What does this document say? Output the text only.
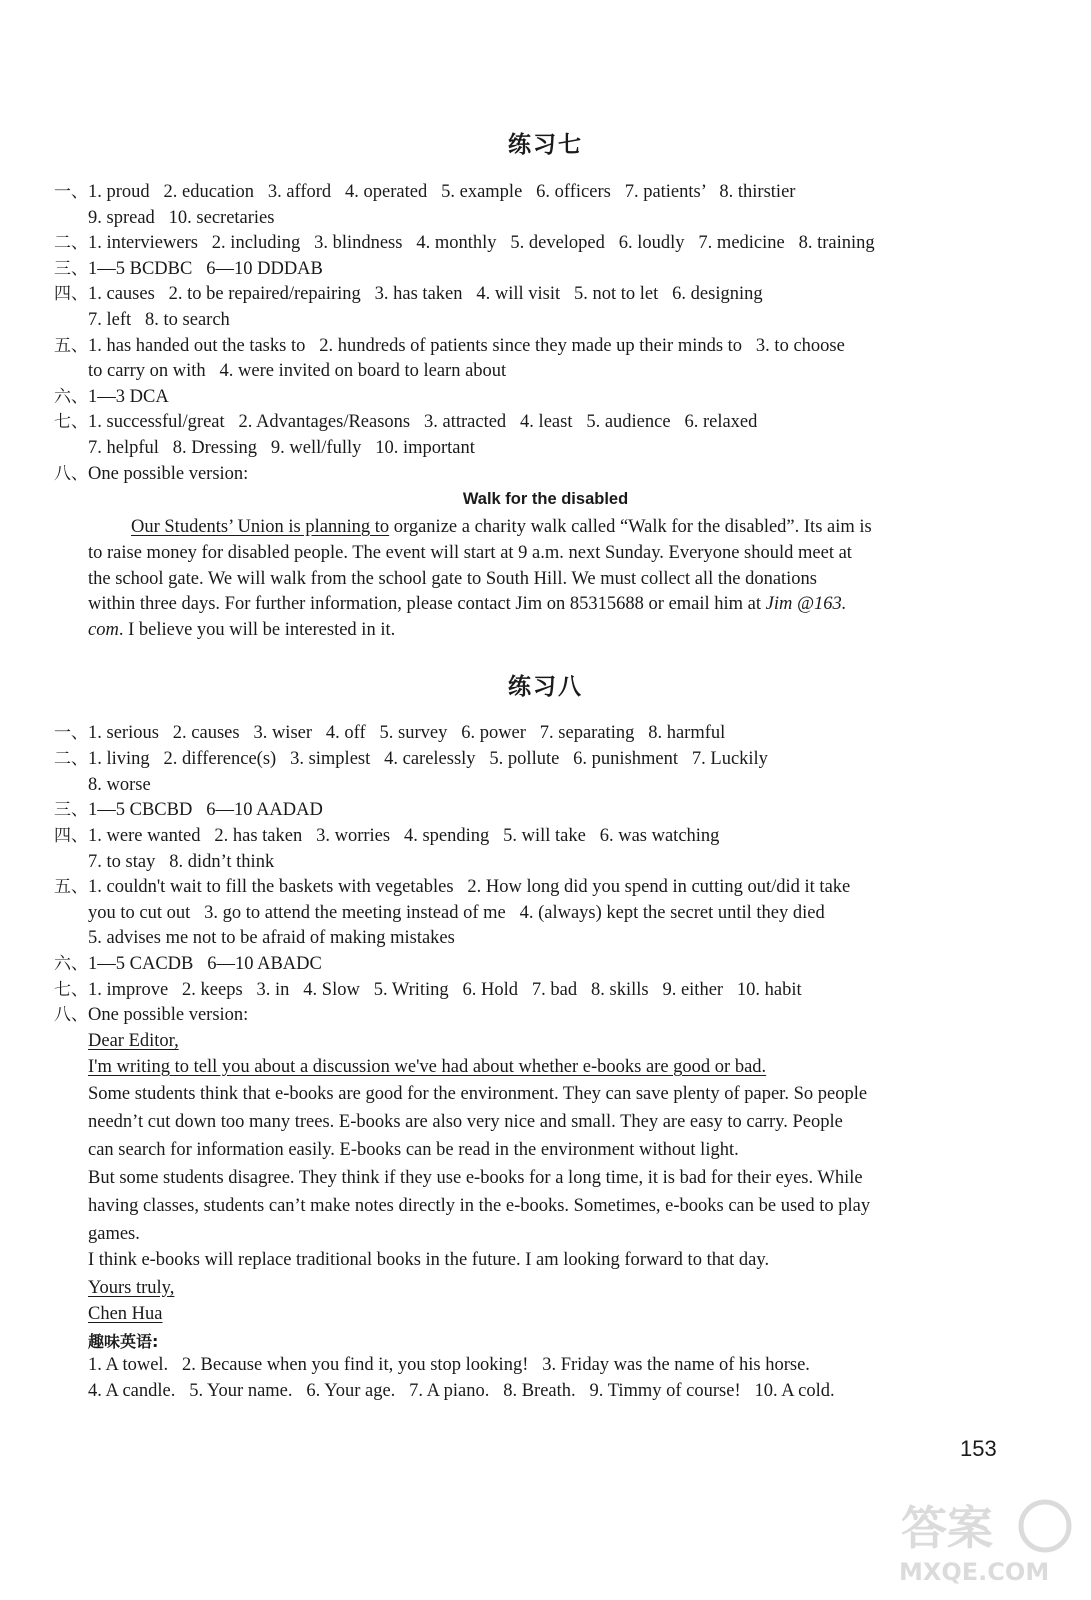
练习七
一、1. proud   2. education   3. afford   4. operated   5. example   6. officers   7. patients’   8. thirstier
9. spread   10. secretaries
二、1. interviewers   2. including   3. blindness   4. monthly   5. developed   6. loudly   7. medicine   8. training
三、1—5 BCDBC   6—10 DDDAB
四、1. causes   2. to be repaired/repairing   3. has taken   4. will visit   5. not to let   6. designing
7. left   8. to search
五、1. has handed out the tasks to   2. hundreds of patients since they made up their minds to   3. to choose
to carry on with   4. were invited on board to learn about
六、1—3 DCA
七、1. successful/great   2. Advantages/Reasons   3. attracted   4. least   5. audience   6. relaxed
7. helpful   8. Dressing   9. well/fully   10. important
八、One possible version:
Walk for the disabled
Our Students’ Union is planning to organize a charity walk called “Walk for the disabled”. Its aim is
to raise money for disabled people. The event will start at 9 a.m. next Sunday. Everyone should meet at
the school gate. We will walk from the school gate to South Hill. We must collect all the donations
within three days. For further information, please contact Jim on 85315688 or email him at Jim @163.
com. I believe you will be interested in it.
练习八
一、1. serious   2. causes   3. wiser   4. off   5. survey   6. power   7. separating   8. harmful
二、1. living   2. difference(s)   3. simplest   4. carelessly   5. pollute   6. punishment   7. Luckily
8. worse
三、1—5 CBCBD   6—10 AADAD
四、1. were wanted   2. has taken   3. worries   4. spending   5. will take   6. was watching
7. to stay   8. didn’t think
五、1. couldn't wait to fill the baskets with vegetables   2. How long did you spend in cutting out/did it take
you to cut out   3. go to attend the meeting instead of me   4. (always) kept the secret until they died
5. advises me not to be afraid of making mistakes
六、1—5 CACDB   6—10 ABADC
七、1. improve   2. keeps   3. in   4. Slow   5. Writing   6. Hold   7. bad   8. skills   9. either   10. habit
八、One possible version:
Dear Editor,
I'm writing to tell you about a discussion we've had about whether e-books are good or bad.
Some students think that e-books are good for the environment. They can save plenty of paper. So people
needn’t cut down too many trees. E-books are also very nice and small. They are easy to carry. People
can search for information easily. E-books can be read in the environment without light.
But some students disagree. They think if they use e-books for a long time, it is bad for their eyes. While
having classes, students can’t make notes directly in the e-books. Sometimes, e-books can be used to play
games.
I think e-books will replace traditional books in the future. I am looking forward to that day.
Yours truly,
Chen Hua
趣味英语:
1. A towel.   2. Because when you find it, you stop looking!   3. Friday was the name of his horse.
4. A candle.   5. Your name.   6. Your age.   7. A piano.   8. Breath.   9. Timmy of course!   10. A cold.
153
答案
MXQE.COM
